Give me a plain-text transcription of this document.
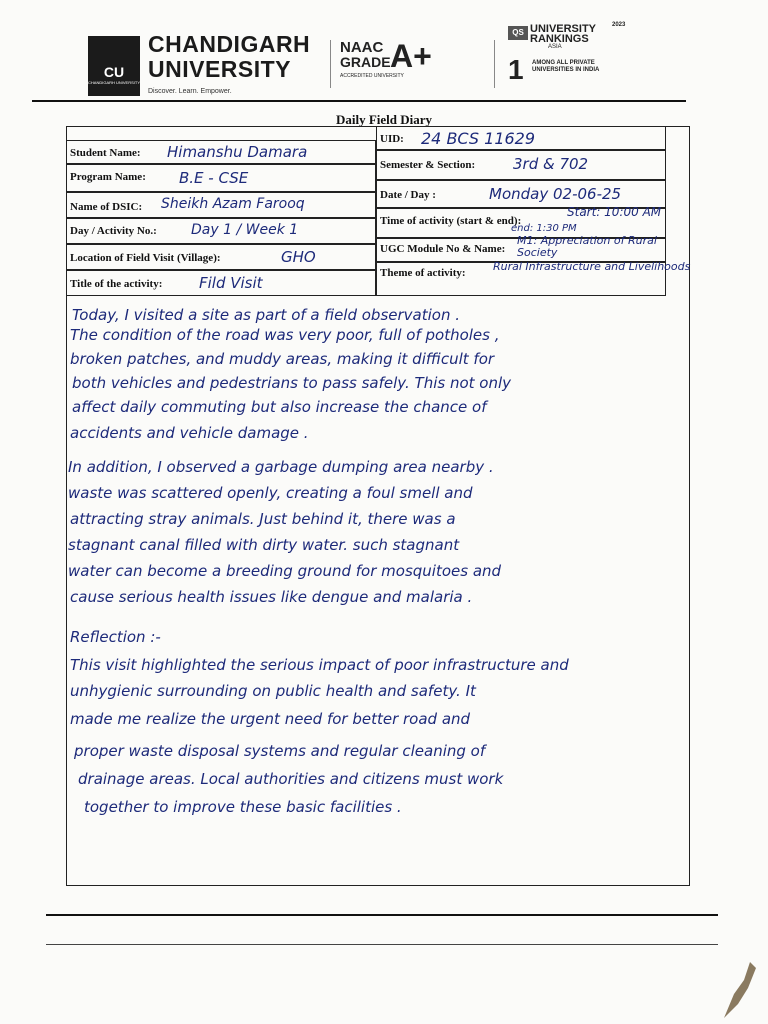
CU
CHANDIGARH UNIVERSITY
CHANDIGARH
UNIVERSITY
Discover. Learn. Empower.
NAAC
GRADE A+
ACCREDITED UNIVERSITY
2023
QS UNIVERSITY
RANKINGS
ASIA
1 AMONG ALL PRIVATE UNIVERSITIES IN INDIA
Daily Field Diary
Student Name: Himanshu Damara
Program Name: B.E - CSE
Name of DSIC: Sheikh Azam Farooq
Day / Activity No.: Day 1 / Week 1
Location of Field Visit (Village):	GHO
Title of the activity: Fild Visit
UID: 24 BCS 11629
Semester & Section:	3rd & 702
Date / Day :	Monday 02-06-25
Time of activity (start & end):
Start: 10:00 AM
end: 1:30 PM
UGC Module No & Name:
M1: Appreciation of Rural Society
Theme of activity: Rural Infrastructure and Livelihoods
Today, I visited a site as part of a field observation .
The condition of the road was very poor, full of potholes ,
broken patches, and muddy areas, making it difficult for
both vehicles and pedestrians to pass safely. This not only
affect daily commuting but also increase the chance of
accidents and vehicle damage .
In addition, I observed a garbage dumping area nearby .
waste was scattered openly, creating a foul smell and
attracting stray animals. Just behind it, there was a
stagnant canal filled with dirty water. such stagnant
water can become a breeding ground for mosquitoes and
cause serious health issues like dengue and malaria .
Reflection :-
This visit highlighted the serious impact of poor infrastructure and
unhygienic surrounding on public health and safety. It
made me realize the urgent need for better road and
proper waste disposal systems and regular cleaning of
drainage areas. Local authorities and citizens must work
together to improve these basic facilities .
